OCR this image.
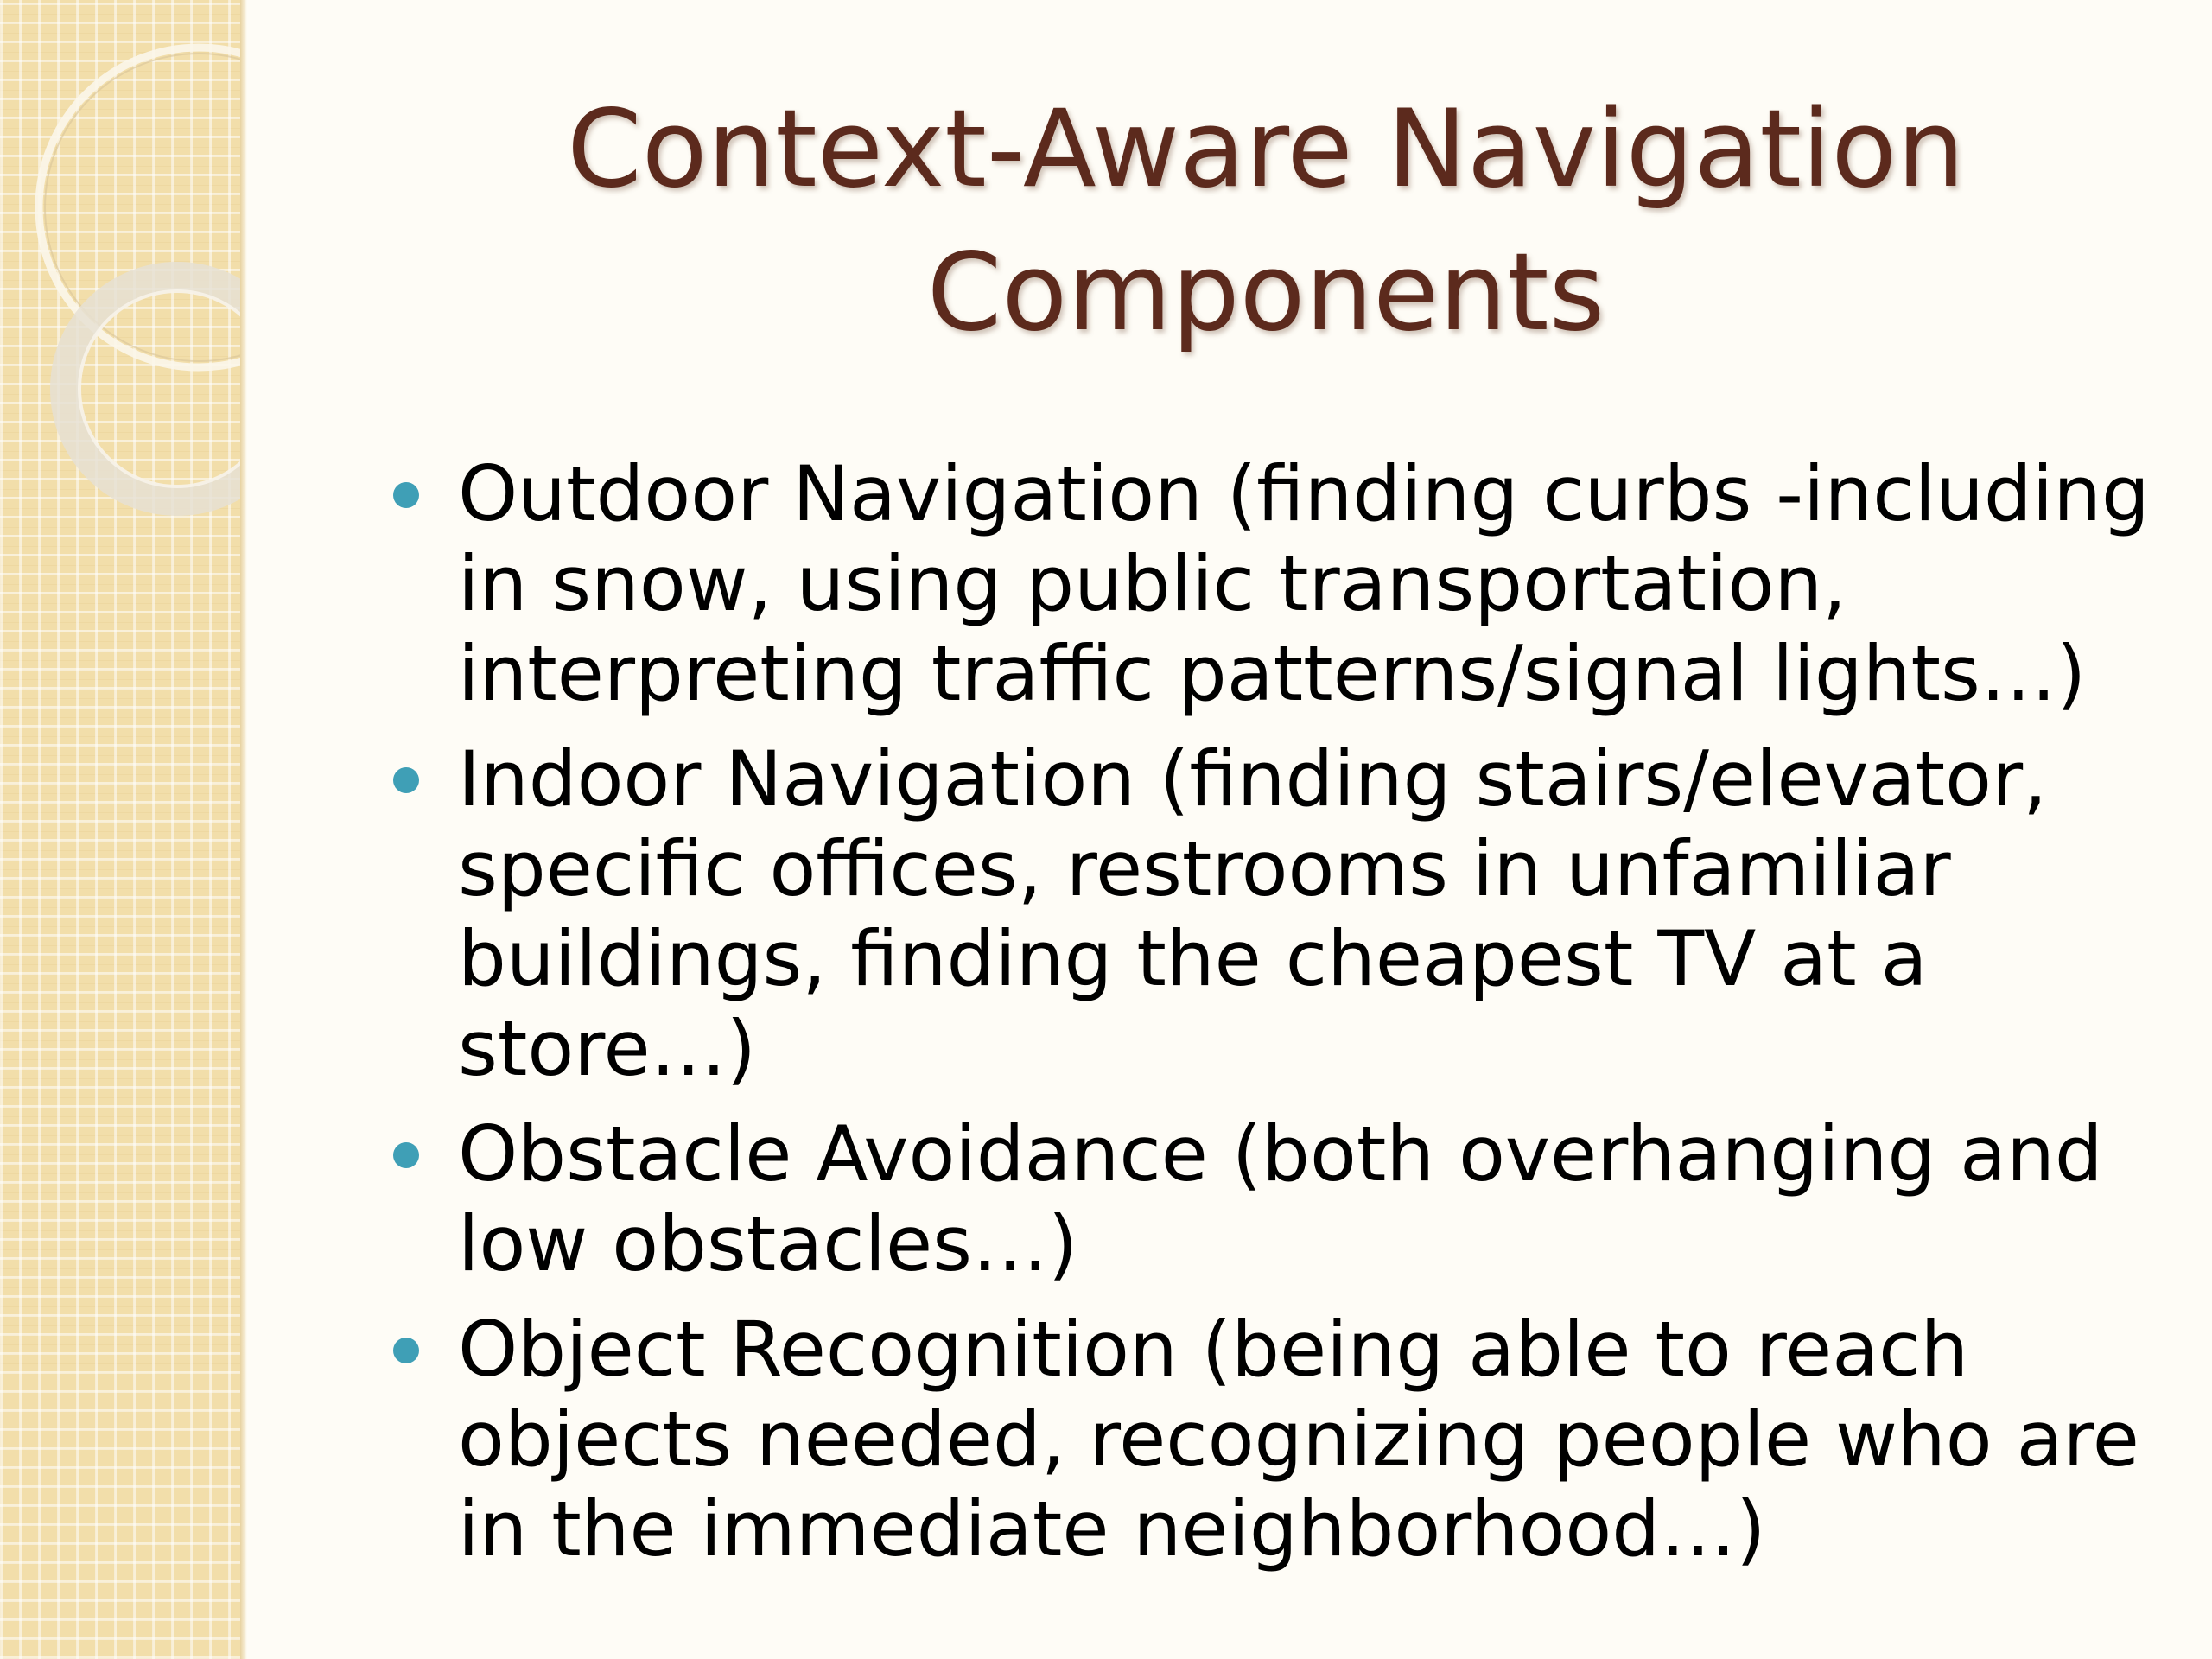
Context-Aware Navigation
Components
Outdoor Navigation (finding curbs -including in snow, using public transportation, interpreting traffic patterns/signal lights…)
Indoor Navigation (finding stairs/elevator, specific offices, restrooms in unfamiliar buildings, finding the cheapest TV at a store…)
Obstacle Avoidance (both overhanging and low obstacles…)
Object Recognition (being able to reach objects needed, recognizing people who are in the immediate neighborhood…)
